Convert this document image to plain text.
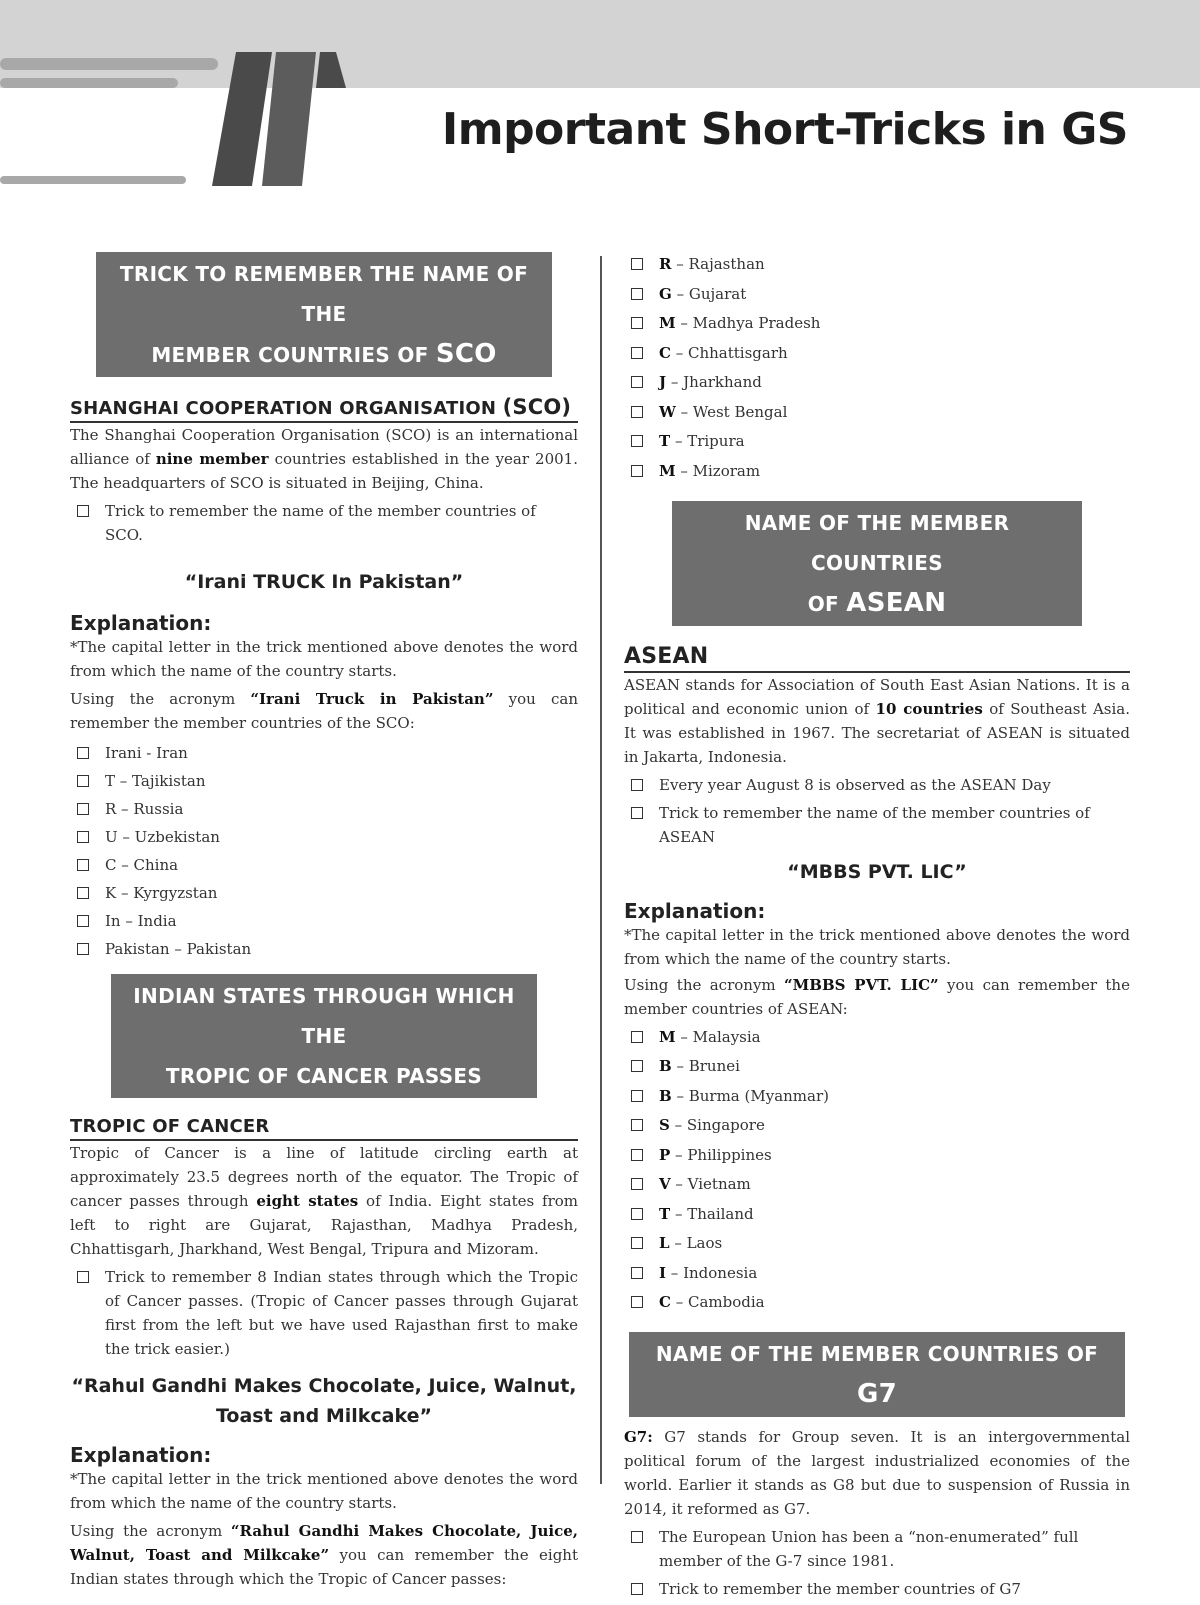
Important Short-Tricks in GS
TRICK TO REMEMBER THE NAME OF THE
MEMBER COUNTRIES OF SCO
SHANGHAI COOPERATION ORGANISATION (SCO)

The Shanghai Cooperation Organisation (SCO) is an international alliance of nine member countries established in the year 2001. The headquarters of SCO is situated in Beijing, China.

Trick to remember the name of the member countries of SCO.
“Irani TRUCK In Pakistan”
Explanation:

*The capital letter in the trick mentioned above denotes the word from which the name of the country starts.

Using the acronym “Irani Truck in Pakistan” you can remember the member countries of the SCO:

Irani - Iran
T – Tajikistan
R – Russia
U – Uzbekistan
C – China
K – Kyrgyzstan
In – India
Pakistan – Pakistan
INDIAN STATES THROUGH WHICH THE
TROPIC OF CANCER PASSES
TROPIC OF CANCER

Tropic of Cancer is a line of latitude circling earth at approximately 23.5 degrees north of the equator. The Tropic of cancer passes through eight states of India. Eight states from left to right are Gujarat, Rajasthan, Madhya Pradesh, Chhattisgarh, Jharkhand, West Bengal, Tripura and Mizoram.

Trick to remember 8 Indian states through which the Tropic of Cancer passes. (Tropic of Cancer passes through Gujarat first from the left but we have used Rajasthan first to make the trick easier.)
“Rahul Gandhi Makes Chocolate, Juice, Walnut, Toast and Milkcake”
Explanation:

*The capital letter in the trick mentioned above denotes the word from which the name of the country starts.

Using the acronym “Rahul Gandhi Makes Chocolate, Juice, Walnut, Toast and Milkcake” you can remember the eight Indian states through which the Tropic of Cancer passes:

R – Rajasthan
G – Gujarat
M – Madhya Pradesh
C – Chhattisgarh
J – Jharkhand
W – West Bengal
T – Tripura
M – Mizoram
NAME OF THE MEMBER COUNTRIES
OF ASEAN
ASEAN

ASEAN stands for Association of South East Asian Nations. It is a political and economic union of 10 countries of Southeast Asia. It was established in 1967. The secretariat of ASEAN is situated in Jakarta, Indonesia.

Every year August 8 is observed as the ASEAN Day
Trick to remember the name of the member countries of ASEAN
“MBBS PVT. LIC”
Explanation:

*The capital letter in the trick mentioned above denotes the word from which the name of the country starts.

Using the acronym “MBBS PVT. LIC” you can remember the member countries of ASEAN:

M – Malaysia
B – Brunei
B – Burma (Myanmar)
S – Singapore
P – Philippines
V – Vietnam
T – Thailand
L – Laos
I – Indonesia
C – Cambodia
NAME OF THE MEMBER COUNTRIES OF G7

G7: G7 stands for Group seven. It is an intergovernmental political forum of the largest industrialized economies of the world. Earlier it stands as G8 but due to suspension of Russia in 2014, it reformed as G7.

The European Union has been a “non-enumerated” full member of the G-7 since 1981.
Trick to remember the member countries of G7
